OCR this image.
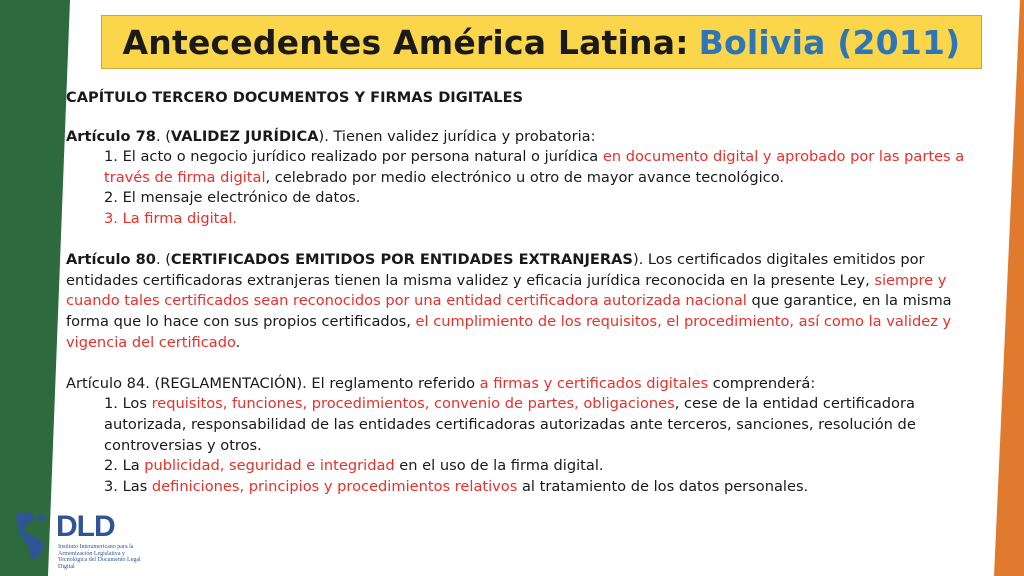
Antecedentes América Latina: Bolivia (2011)

CAPÍTULO TERCERO DOCUMENTOS Y FIRMAS DIGITALES

Artículo 78. (VALIDEZ JURÍDICA). Tienen validez jurídica y probatoria:

1. El acto o negocio jurídico realizado por persona natural o jurídica en documento digital y aprobado por las partes a través de firma digital, celebrado por medio electrónico u otro de mayor avance tecnológico.

2. El mensaje electrónico de datos.

3. La firma digital.

Artículo 80. (CERTIFICADOS EMITIDOS POR ENTIDADES EXTRANJERAS). Los certificados digitales emitidos por entidades certificadoras extranjeras tienen la misma validez y eficacia jurídica reconocida en la presente Ley, siempre y cuando tales certificados sean reconocidos por una entidad certificadora autorizada nacional que garantice, en la misma forma que lo hace con sus propios certificados, el cumplimiento de los requisitos, el procedimiento, así como la validez y vigencia del certificado.

Artículo 84. (REGLAMENTACIÓN). El reglamento referido a firmas y certificados digitales comprenderá:

1. Los requisitos, funciones, procedimientos, convenio de partes, obligaciones, cese de la entidad certificadora autorizada, responsabilidad de las entidades certificadoras autorizadas ante terceros, sanciones, resolución de controversias y otros.

2. La publicidad, seguridad e integridad en el uso de la firma digital.

3. Las definiciones, principios y procedimientos relativos al tratamiento de los datos personales.

DLD
Instituto Interamericano para la Armonización Legislativa y Tecnológica del Documento Legal Digital
